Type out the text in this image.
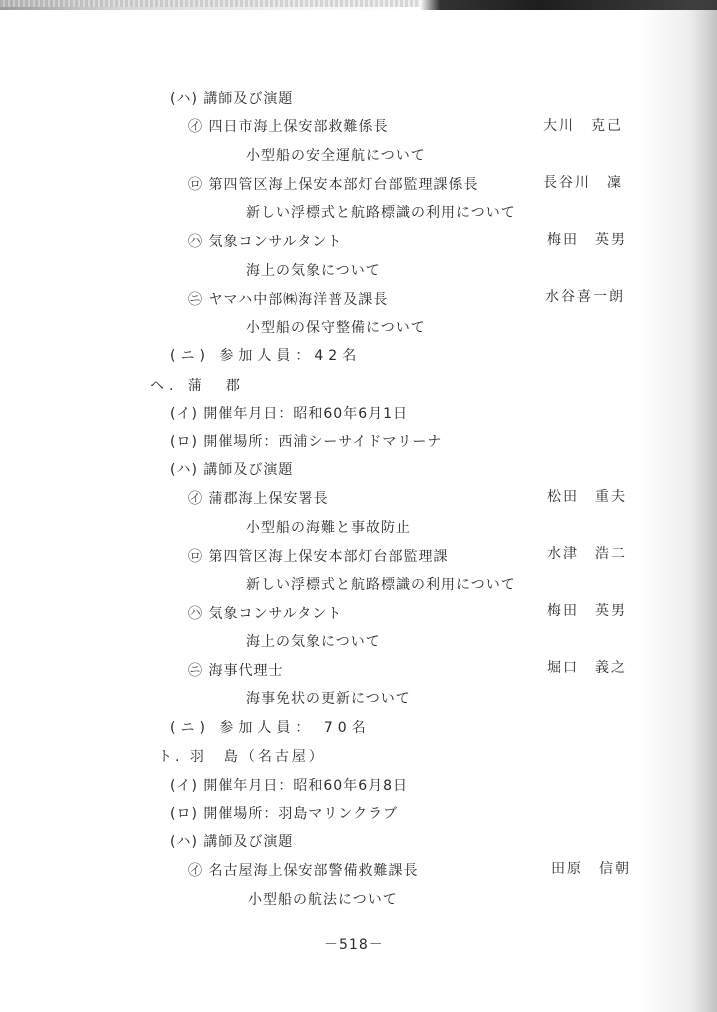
(ハ) 講師及び演題
㋑ 四日市海上保安部救難係長	大川　克己
小型船の安全運航について
㋺ 第四管区海上保安本部灯台部監理課係長	長谷川　凜
新しい浮標式と航路標識の利用について
㋩ 気象コンサルタント	梅田　英男
海上の気象について
㋥ ヤマハ中部㈱海洋普及課長	水谷喜一朗
小型船の保守整備について
(ニ) 参加人員：42名
ヘ. 蒲　郡
(イ) 開催年月日：昭和60年6月1日
(ロ) 開催場所：西浦シーサイドマリーナ
(ハ) 講師及び演題
㋑ 蒲郡海上保安署長	松田　重夫
小型船の海難と事故防止
㋺ 第四管区海上保安本部灯台部監理課	水津　浩二
新しい浮標式と航路標識の利用について
㋩ 気象コンサルタント	梅田　英男
海上の気象について
㋥ 海事代理士	堀口　義之
海事免状の更新について
(ニ) 参加人員： 70名
ト. 羽　島（名古屋）
(イ) 開催年月日：昭和60年6月8日
(ロ) 開催場所：羽島マリンクラブ
(ハ) 講師及び演題
㋑ 名古屋海上保安部警備救難課長	田原　信朝
小型船の航法について
－518－
